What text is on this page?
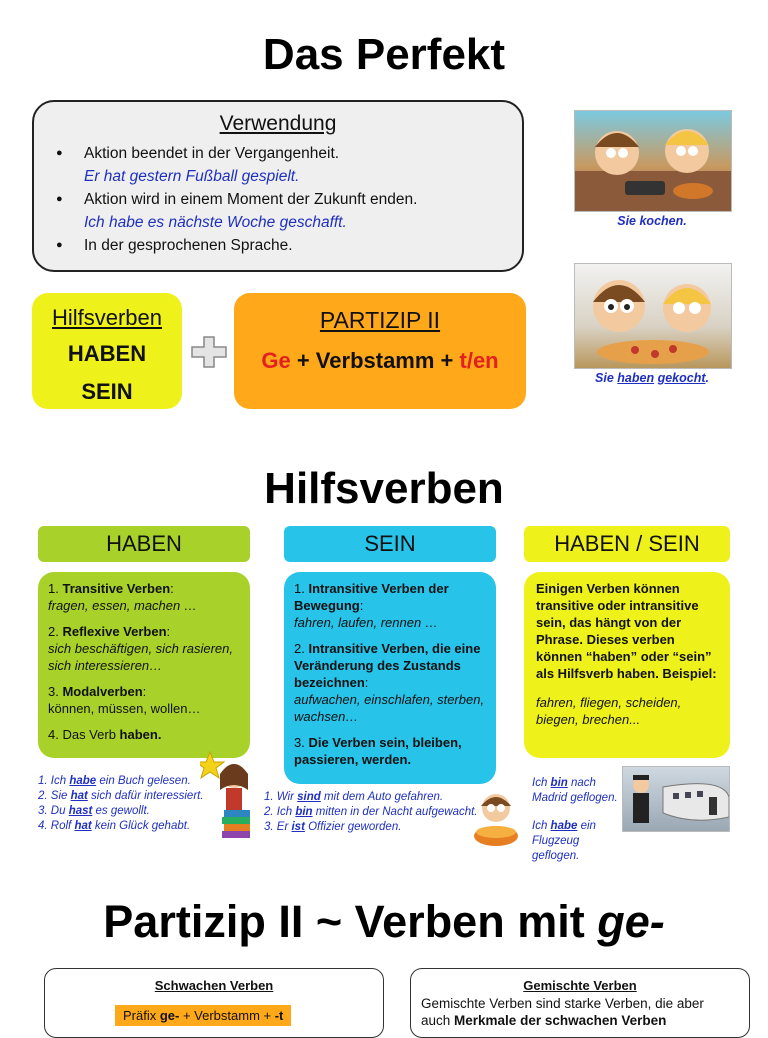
Das Perfekt
Verwendung
● Aktion beendet in der Vergangenheit.
Er hat gestern Fußball gespielt.
● Aktion wird in einem Moment der Zukunft enden.
Ich habe es nächste Woche geschafft.
● In der gesprochenen Sprache.
Sie kochen.
Sie haben gekocht.
Hilfsverben
HABEN
SEIN
PARTIZIP II
Ge + Verbstamm + t/en
Hilfsverben
HABEN	SEIN	HABEN / SEIN

1. Transitive Verben:
fragen, essen, machen …

2. Reflexive Verben:
sich beschäftigen, sich rasieren, sich interessieren…

3. Modalverben:
können, müssen, wollen…

4. Das Verb haben.

1. Intransitive Verben der Bewegung:
fahren, laufen, rennen …

2. Intransitive Verben, die eine Veränderung des Zustands bezeichnen:
aufwachen, einschlafen, sterben, wachsen…

3. Die Verben sein, bleiben, passieren, werden.

Einigen Verben können transitive oder intransitive sein, das hängt von der Phrase. Dieses verben können “haben” oder “sein” als Hilfsverb haben. Beispiel:

fahren, fliegen, scheiden, biegen, brechen...

1. Ich habe ein Buch gelesen.
2. Sie hat sich dafür interessiert.
3. Du hast es gewollt.
4. Rolf hat kein Glück gehabt.
1. Wir sind mit dem Auto gefahren.
2. Ich bin mitten in der Nacht aufgewacht.
3. Er ist Offizier geworden.
Ich bin nach
Madrid geflogen.
Ich habe ein
Flugzeug geflogen.
Partizip II ~ Verben mit ge-
Schwachen Verben
Präfix ge- + Verbstamm + -t
Gemischte Verben
Gemischte Verben sind starke Verben, die aber
auch Merkmale der schwachen Verben
